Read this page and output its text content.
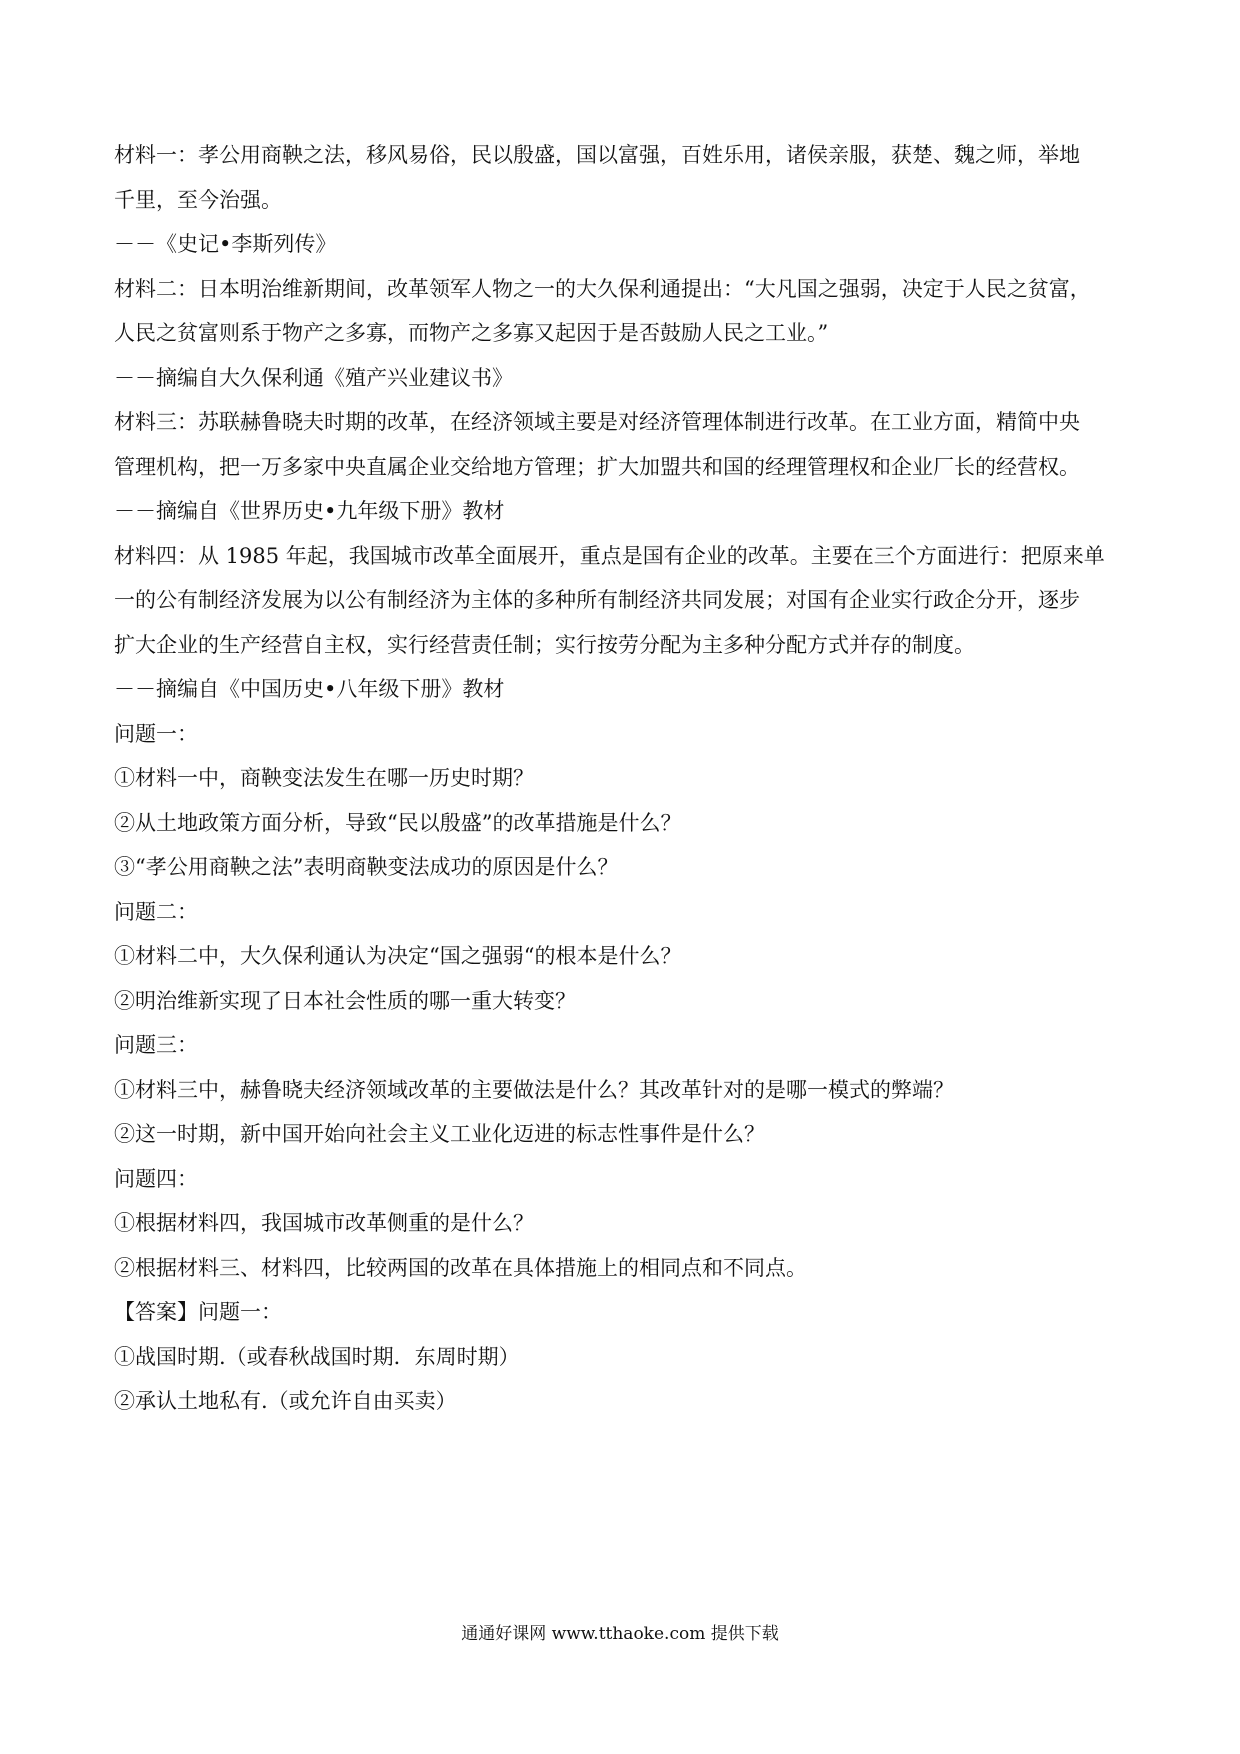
材料一：孝公用商鞅之法，移风易俗，民以殷盛，国以富强，百姓乐用，诸侯亲服，获楚、魏之师，举地
千里，至今治强。
－－《史记•李斯列传》
材料二：日本明治维新期间，改革领军人物之一的大久保利通提出：“大凡国之强弱，决定于人民之贫富，
人民之贫富则系于物产之多寡，而物产之多寡又起因于是否鼓励人民之工业。”
－－摘编自大久保利通《殖产兴业建议书》
材料三：苏联赫鲁晓夫时期的改革，在经济领域主要是对经济管理体制进行改革。在工业方面，精简中央
管理机构，把一万多家中央直属企业交给地方管理；扩大加盟共和国的经理管理权和企业厂长的经营权。
－－摘编自《世界历史•九年级下册》教材
材料四：从 1985 年起，我国城市改革全面展开，重点是国有企业的改革。主要在三个方面进行：把原来单
一的公有制经济发展为以公有制经济为主体的多种所有制经济共同发展；对国有企业实行政企分开，逐步
扩大企业的生产经营自主权，实行经营责任制；实行按劳分配为主多种分配方式并存的制度。
－－摘编自《中国历史•八年级下册》教材
问题一：
①材料一中，商鞅变法发生在哪一历史时期？
②从土地政策方面分析，导致“民以殷盛”的改革措施是什么？
③“孝公用商鞅之法”表明商鞅变法成功的原因是什么？
问题二：
①材料二中，大久保利通认为决定“国之强弱“的根本是什么？
②明治维新实现了日本社会性质的哪一重大转变？
问题三：
①材料三中，赫鲁晓夫经济领域改革的主要做法是什么？其改革针对的是哪一模式的弊端？
②这一时期，新中国开始向社会主义工业化迈进的标志性事件是什么？
问题四：
①根据材料四，我国城市改革侧重的是什么？
②根据材料三、材料四，比较两国的改革在具体措施上的相同点和不同点。
【答案】问题一：
①战国时期.（或春秋战国时期．东周时期）
②承认土地私有.（或允许自由买卖）
通通好课网 www.tthaoke.com 提供下载
